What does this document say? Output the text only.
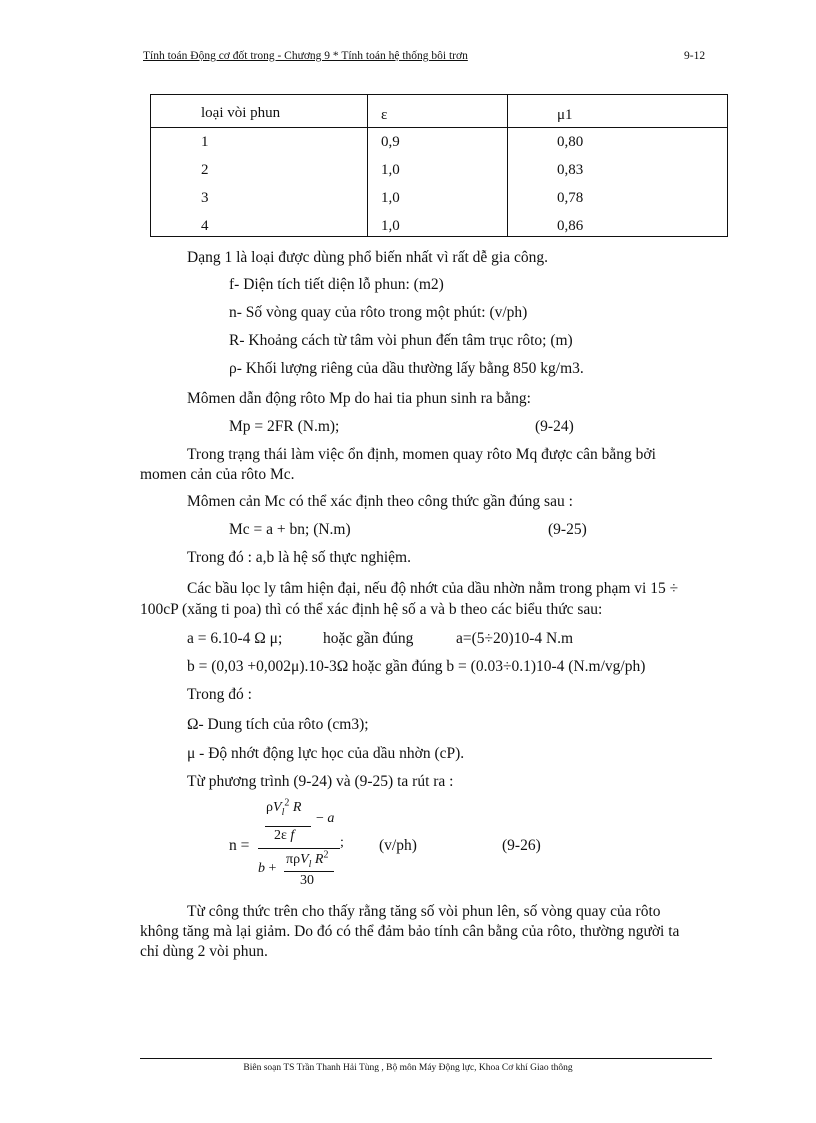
Tính toán Động cơ đốt trong - Chương 9 * Tính toán hệ thống bôi trơn	9-12
loại vòi phun	ε	μ1
1	0,9	0,80
2	1,0	0,83
3	1,0	0,78
4	1,0	0,86
Dạng 1 là loại được dùng phổ biến nhất vì rất dễ gia công.
f- Diện tích tiết diện lỗ phun: (m2)
n- Số vòng quay của rôto trong một phút: (v/ph)
R- Khoảng cách từ tâm vòi phun đến tâm trục rôto; (m)
ρ- Khối lượng riêng của dầu thường lấy bằng 850 kg/m3.
Mômen dẫn động rôto Mp do hai tia phun sinh ra bằng:
Mp = 2FR (N.m);	(9-24)
Trong trạng thái làm việc ổn định, momen quay rôto Mq được cân bằng bởi
momen cản của rôto Mc.
Mômen cản Mc có thể xác định theo công thức gần đúng sau :
Mc = a + bn; (N.m)	(9-25)
Trong đó : a,b là hệ số thực nghiệm.
Các bầu lọc ly tâm hiện đại, nếu độ nhớt của dầu nhờn nằm trong phạm vi 15 ÷
100cP (xăng ti poa) thì có thể xác định hệ số a và b theo các biểu thức sau:
a = 6.10-4 Ω μ;	hoặc gần đúng	a=(5÷20)10-4 N.m
b = (0,03 +0,002μ).10-3Ω hoặc gần đúng b = (0.03÷0.1)10-4 (N.m/vg/ph)
Trong đó :
Ω- Dung tích của rôto (cm3);
μ - Độ nhớt động lực học của dầu nhờn (cP).
Từ phương trình (9-24) và (9-25) ta rút ra :
n =
$\rho V_l^2$ R
− a
2ε f	;
b +
πρV$_l$ $R^2$
30
(v/ph)	(9-26)
Từ công thức trên cho thấy rằng tăng số vòi phun lên, số vòng quay của rôto
không tăng mà lại giảm. Do đó có thể đảm bảo tính cân bằng của rôto, thường người ta
chỉ dùng 2 vòi phun.
Biên soạn TS Trần Thanh Hải Tùng , Bộ môn Máy Động lực, Khoa Cơ khí Giao thông
